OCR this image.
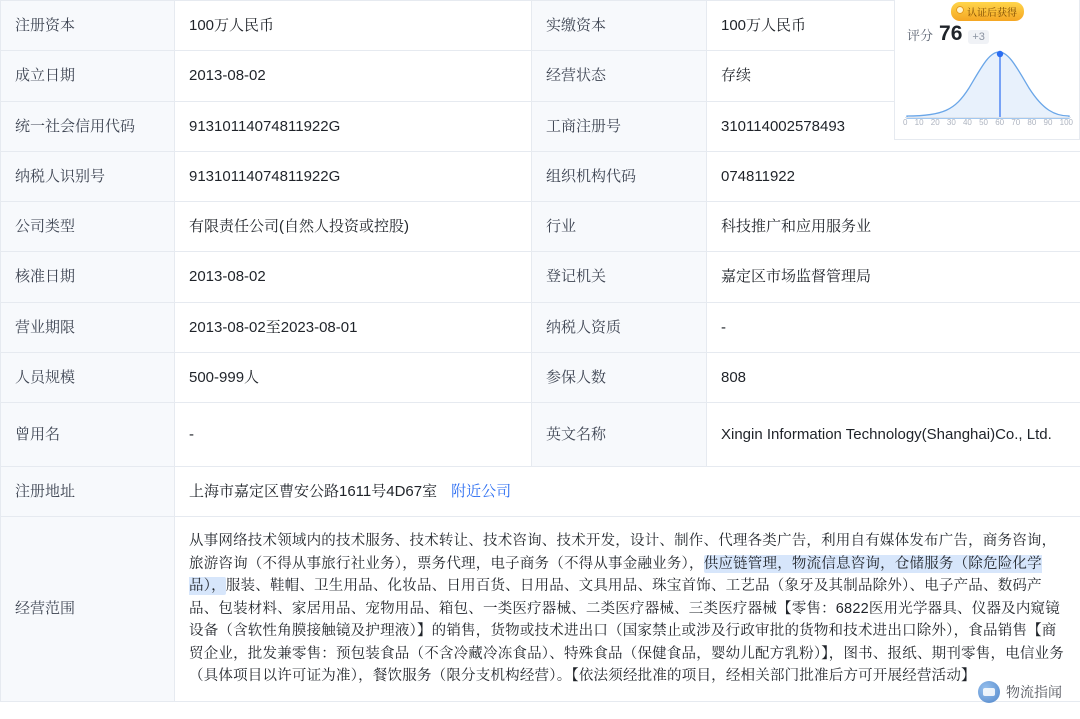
注册资本	100万人民币	实缴资本	100万人民币
成立日期	2013-08-02	经营状态	存续
统一社会信用代码	91310114074811922G	工商注册号	310114002578493
纳税人识别号	91310114074811922G	组织机构代码	074811922
公司类型	有限责任公司(自然人投资或控股)	行业	科技推广和应用服务业
核准日期	2013-08-02	登记机关	嘉定区市场监督管理局
营业期限	2013-08-02至2023-08-01	纳税人资质	-
人员规模	500-999人	参保人数	808
曾用名	-	英文名称	Xingin Information Technology(Shanghai)Co., Ltd.
注册地址	上海市嘉定区曹安公路1611号4D67室 附近公司		
经营范围	从事网络技术领域内的技术服务、技术转让、技术咨询、技术开发，设计、制作、代理各类广告，利用自有媒体发布广告，商务咨询，旅游咨询（不得从事旅行社业务），票务代理，电子商务（不得从事金融业务），供应链管理，物流信息咨询，仓储服务（除危险化学品），服装、鞋帽、卫生用品、化妆品、日用百货、日用品、文具用品、珠宝首饰、工艺品（象牙及其制品除外）、电子产品、数码产品、包装材料、家居用品、宠物用品、箱包、一类医疗器械、二类医疗器械、三类医疗器械【零售：6822医用光学器具、仪器及内窥镜设备（含软性角膜接触镜及护理液）】的销售，货物或技术进出口（国家禁止或涉及行政审批的货物和技术进出口除外），食品销售【商贸企业，批发兼零售：预包装食品（不含冷藏冷冻食品）、特殊食品（保健食品，婴幼儿配方乳粉）】，图书、报纸、期刊零售，电信业务（具体项目以许可证为准），餐饮服务（限分支机构经营）。【依法须经批准的项目，经相关部门批准后方可开展经营活动】		
认证后获得
评分 76 +3
0 10 20 30 40 50 60 70 80 90 100
物流指闻
